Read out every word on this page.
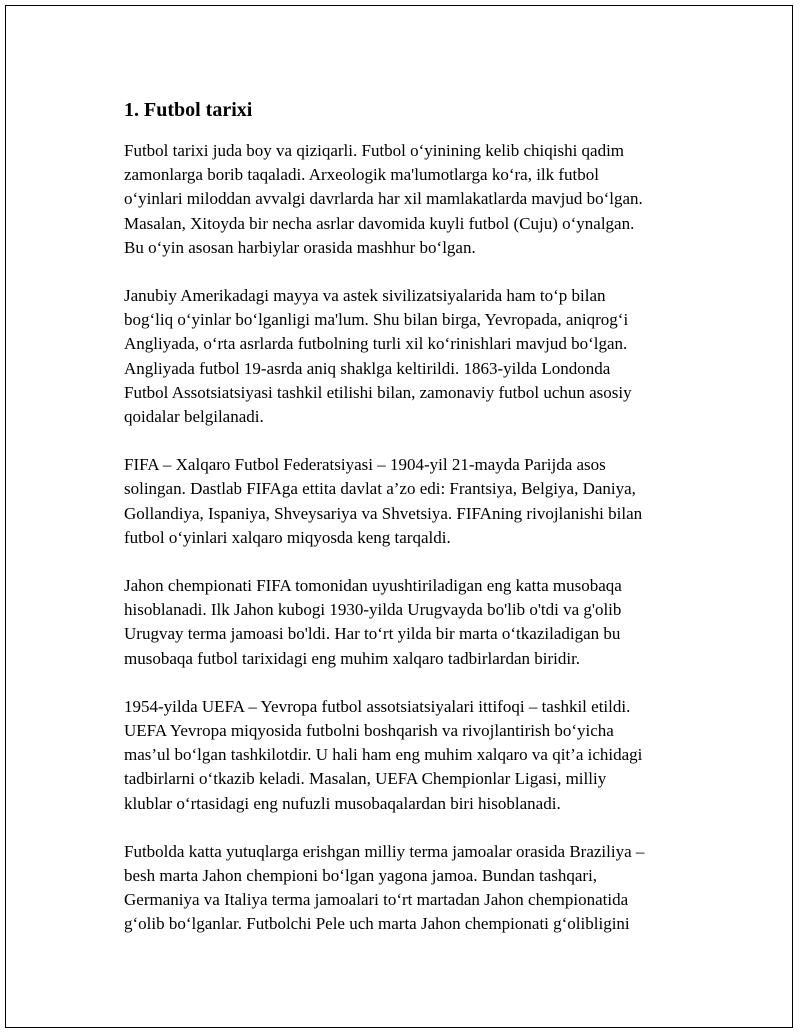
1. Futbol tarixi

Futbol tarixi juda boy va qiziqarli. Futbol oʻyinining kelib chiqishi qadim
zamonlarga borib taqaladi. Arxeologik ma'lumotlarga koʻra, ilk futbol
oʻyinlari miloddan avvalgi davrlarda har xil mamlakatlarda mavjud boʻlgan.
Masalan, Xitoyda bir necha asrlar davomida kuyli futbol (Cuju) oʻynalgan.
Bu oʻyin asosan harbiylar orasida mashhur boʻlgan.

Janubiy Amerikadagi mayya va astek sivilizatsiyalarida ham toʻp bilan
bogʻliq oʻyinlar boʻlganligi ma'lum. Shu bilan birga, Yevropada, aniqrogʻi
Angliyada, oʻrta asrlarda futbolning turli xil koʻrinishlari mavjud boʻlgan.
Angliyada futbol 19-asrda aniq shaklga keltirildi. 1863-yilda Londonda
Futbol Assotsiatsiyasi tashkil etilishi bilan, zamonaviy futbol uchun asosiy
qoidalar belgilanadi.

FIFA – Xalqaro Futbol Federatsiyasi – 1904-yil 21-mayda Parijda asos
solingan. Dastlab FIFAga ettita davlat a’zo edi: Frantsiya, Belgiya, Daniya,
Gollandiya, Ispaniya, Shveysariya va Shvetsiya. FIFAning rivojlanishi bilan
futbol oʻyinlari xalqaro miqyosda keng tarqaldi.

Jahon chempionati FIFA tomonidan uyushtiriladigan eng katta musobaqa
hisoblanadi. Ilk Jahon kubogi 1930-yilda Urugvayda bo'lib o'tdi va g'olib
Urugvay terma jamoasi bo'ldi. Har toʻrt yilda bir marta oʻtkaziladigan bu
musobaqa futbol tarixidagi eng muhim xalqaro tadbirlardan biridir.

1954-yilda UEFA – Yevropa futbol assotsiatsiyalari ittifoqi – tashkil etildi.
UEFA Yevropa miqyosida futbolni boshqarish va rivojlantirish boʻyicha
mas’ul boʻlgan tashkilotdir. U hali ham eng muhim xalqaro va qit’a ichidagi
tadbirlarni oʻtkazib keladi. Masalan, UEFA Chempionlar Ligasi, milliy
klublar oʻrtasidagi eng nufuzli musobaqalardan biri hisoblanadi.

Futbolda katta yutuqlarga erishgan milliy terma jamoalar orasida Braziliya –
besh marta Jahon chempioni boʻlgan yagona jamoa. Bundan tashqari,
Germaniya va Italiya terma jamoalari toʻrt martadan Jahon chempionatida
gʻolib boʻlganlar. Futbolchi Pele uch marta Jahon chempionati gʻolibligini
